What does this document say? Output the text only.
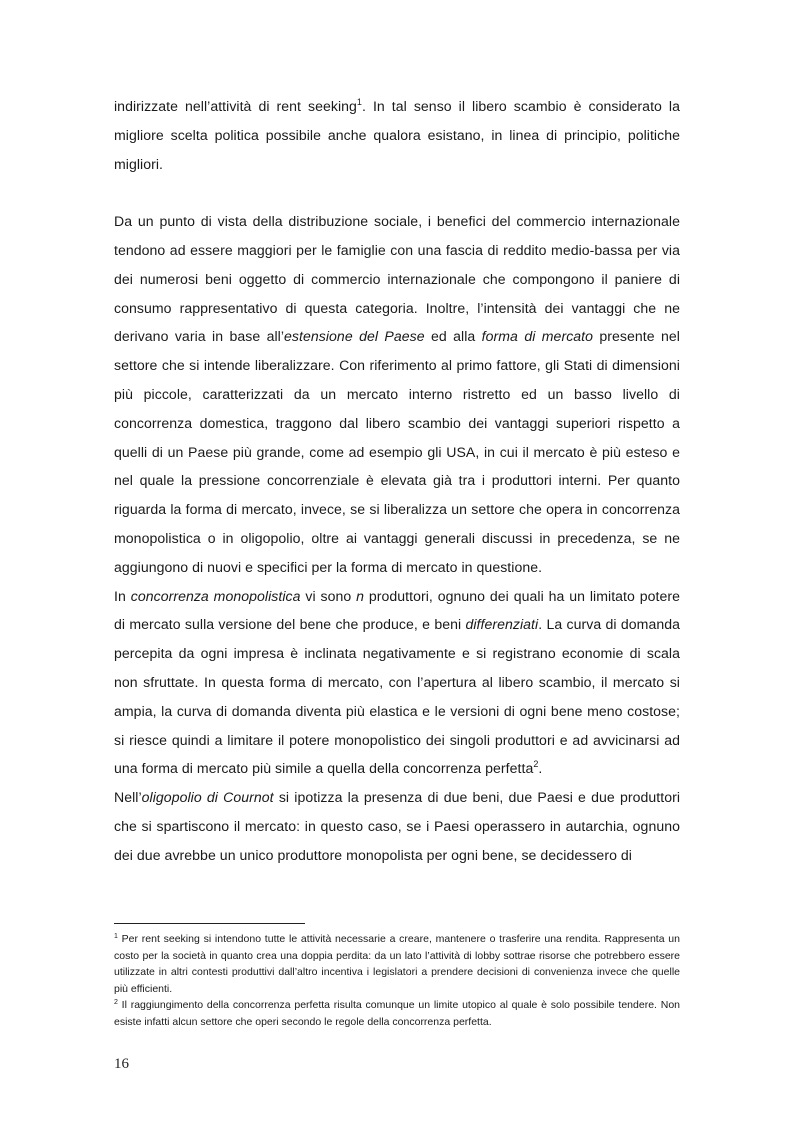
indirizzate nell’attività di rent seeking$^1$. In tal senso il libero scambio è considerato la migliore scelta politica possibile anche qualora esistano, in linea di principio, politiche migliori.

Da un punto di vista della distribuzione sociale, i benefici del commercio internazionale tendono ad essere maggiori per le famiglie con una fascia di reddito medio-bassa per via dei numerosi beni oggetto di commercio internazionale che compongono il paniere di consumo rappresentativo di questa categoria. Inoltre, l’intensità dei vantaggi che ne derivano varia in base all’estensione del Paese ed alla forma di mercato presente nel settore che si intende liberalizzare. Con riferimento al primo fattore, gli Stati di dimensioni più piccole, caratterizzati da un mercato interno ristretto ed un basso livello di concorrenza domestica, traggono dal libero scambio dei vantaggi superiori rispetto a quelli di un Paese più grande, come ad esempio gli USA, in cui il mercato è più esteso e nel quale la pressione concorrenziale è elevata già tra i produttori interni. Per quanto riguarda la forma di mercato, invece, se si liberalizza un settore che opera in concorrenza monopolistica o in oligopolio, oltre ai vantaggi generali discussi in precedenza, se ne aggiungono di nuovi e specifici per la forma di mercato in questione.

In concorrenza monopolistica vi sono n produttori, ognuno dei quali ha un limitato potere di mercato sulla versione del bene che produce, e beni differenziati. La curva di domanda percepita da ogni impresa è inclinata negativamente e si registrano economie di scala non sfruttate. In questa forma di mercato, con l’apertura al libero scambio, il mercato si ampia, la curva di domanda diventa più elastica e le versioni di ogni bene meno costose; si riesce quindi a limitare il potere monopolistico dei singoli produttori e ad avvicinarsi ad una forma di mercato più simile a quella della concorrenza perfetta$^2$.

Nell’oligopolio di Cournot si ipotizza la presenza di due beni, due Paesi e due produttori che si spartiscono il mercato: in questo caso, se i Paesi operassero in autarchia, ognuno dei due avrebbe un unico produttore monopolista per ogni bene, se decidessero di

$^1$ Per rent seeking si intendono tutte le attività necessarie a creare, mantenere o trasferire una rendita. Rappresenta un costo per la società in quanto crea una doppia perdita: da un lato l’attività di lobby sottrae risorse che potrebbero essere utilizzate in altri contesti produttivi dall’altro incentiva i legislatori a prendere decisioni di convenienza invece che quelle più efficienti.

$^2$ Il raggiungimento della concorrenza perfetta risulta comunque un limite utopico al quale è solo possibile tendere. Non esiste infatti alcun settore che operi secondo le regole della concorrenza perfetta.

16
